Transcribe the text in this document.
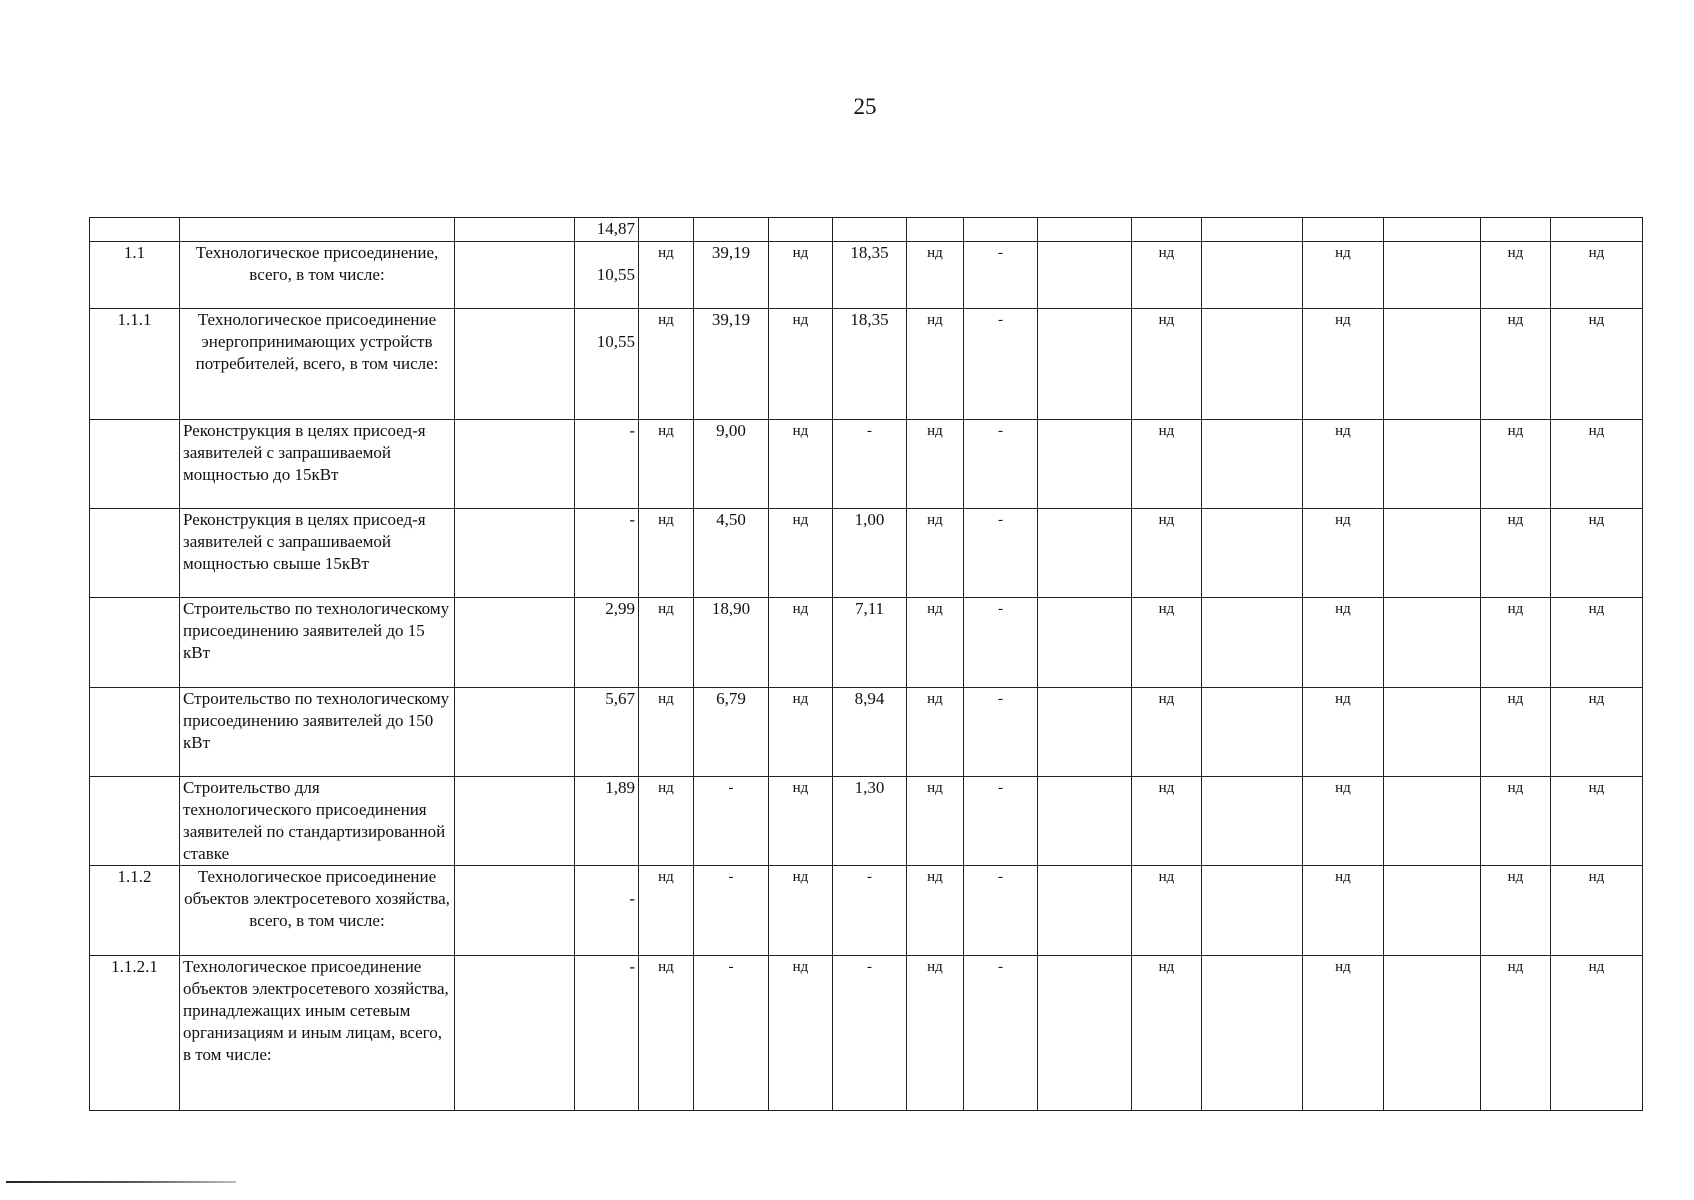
25
			14,87													
1.1	Технологическое присоединение, всего, в том числе:		10,55	нд	39,19	нд	18,35	нд	-		нд		нд		нд	нд
1.1.1	Технологическое присоединение энергопринимающих устройств потребителей, всего, в том числе:		10,55	нд	39,19	нд	18,35	нд	-		нд		нд		нд	нд
	Реконструкция в целях присоед-я заявителей с запрашиваемой мощностью до 15кВт		-	нд	9,00	нд	-	нд	-		нд		нд		нд	нд
	Реконструкция в целях присоед-я заявителей с запрашиваемой мощностью свыше 15кВт		-	нд	4,50	нд	1,00	нд	-		нд		нд		нд	нд
	Строительство по технологическому присоединению заявителей до 15 кВт		2,99	нд	18,90	нд	7,11	нд	-		нд		нд		нд	нд
	Строительство по технологическому присоединению заявителей до 150 кВт		5,67	нд	6,79	нд	8,94	нд	-		нд		нд		нд	нд
	Строительство для технологического присоединения заявителей по стандартизированной ставке		1,89	нд	-	нд	1,30	нд	-		нд		нд		нд	нд
1.1.2	Технологическое присоединение объектов электросетевого хозяйства, всего, в том числе:		-	нд	-	нд	-	нд	-		нд		нд		нд	нд
1.1.2.1	Технологическое присоединение объектов электросетевого хозяйства, принадлежащих иным сетевым организациям и иным лицам, всего, в том числе:		-	нд	-	нд	-	нд	-		нд		нд		нд	нд
